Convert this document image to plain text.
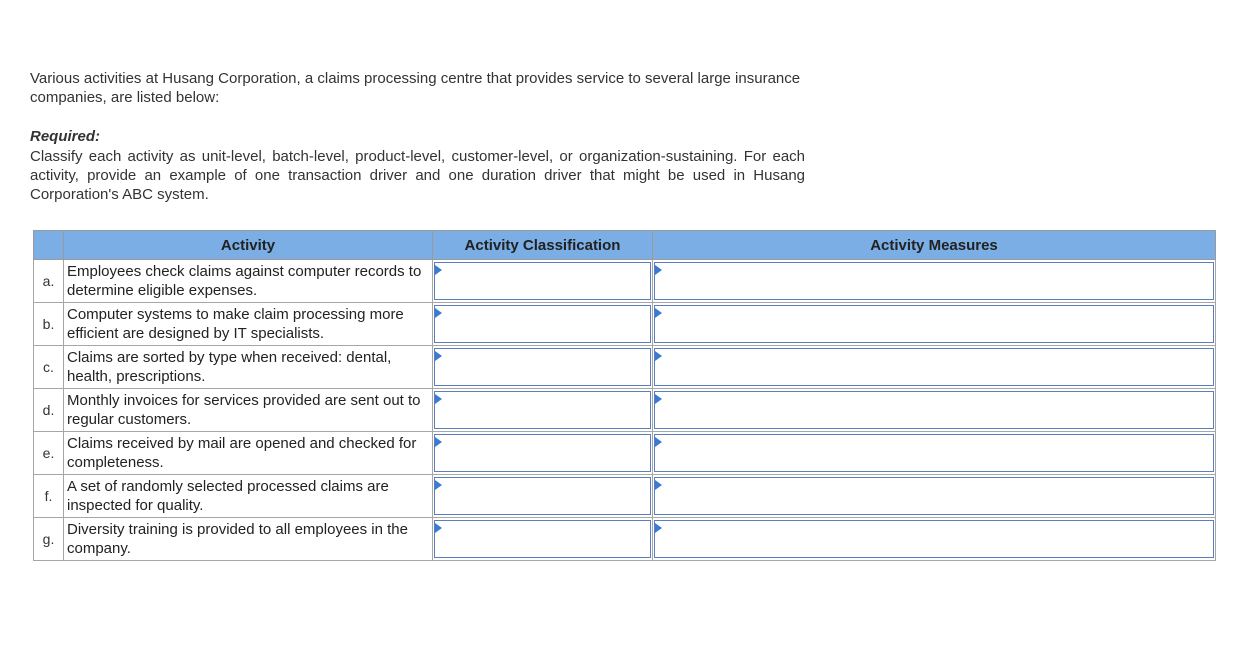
Various activities at Husang Corporation, a claims processing centre that provides service to several large insurance companies, are listed below:

Required:

Classify each activity as unit-level, batch-level, product-level, customer-level, or organization-sustaining. For each activity, provide an example of one transaction driver and one duration driver that might be used in Husang Corporation's ABC system.

	Activity	Activity Classification	Activity Measures
a.	Employees check claims against computer records to determine eligible expenses.	

b.	Computer systems to make claim processing more efficient are designed by IT specialists.	

c.	Claims are sorted by type when received: dental, health, prescriptions.	

d.	Monthly invoices for services provided are sent out to regular customers.	

e.	Claims received by mail are opened and checked for completeness.	

f.	A set of randomly selected processed claims are inspected for quality.	

g.	Diversity training is provided to all employees in the company.	
